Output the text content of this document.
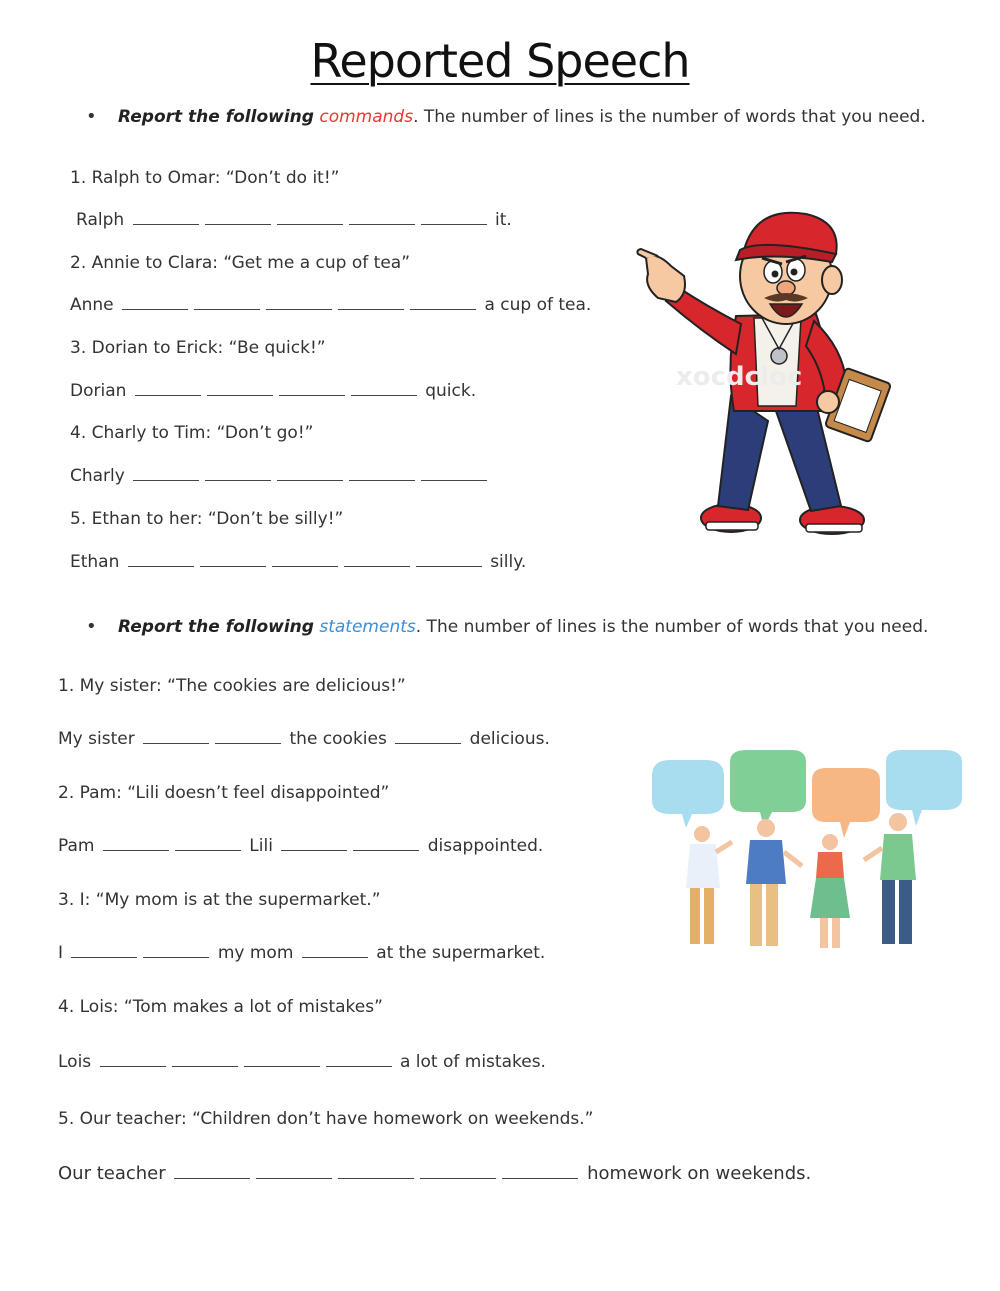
Reported Speech
• Report the following commands. The number of lines is the number of words that you need.
1. Ralph to Omar: “Don’t do it!”
Ralph	it.
2. Annie to Clara: “Get me a cup of tea”
Anne	a cup of tea.
3. Dorian to Erick: “Be quick!”
Dorian	quick.
4. Charly to Tim: “Don’t go!”
Charly
5. Ethan to her: “Don’t be silly!”
Ethan	silly.
xocdcloc
• Report the following statements. The number of lines is the number of words that you need.
1. My sister: “The cookies are delicious!”
My sister	the cookies	delicious.
2. Pam: “Lili doesn’t feel disappointed”
Pam	Lili	disappointed.
3. I: “My mom is at the supermarket.”
I	my mom	at the supermarket.
4. Lois: “Tom makes a lot of mistakes”
Lois	a lot of mistakes.
5. Our teacher: “Children don’t have homework on weekends.”
Our teacher	homework on weekends.
